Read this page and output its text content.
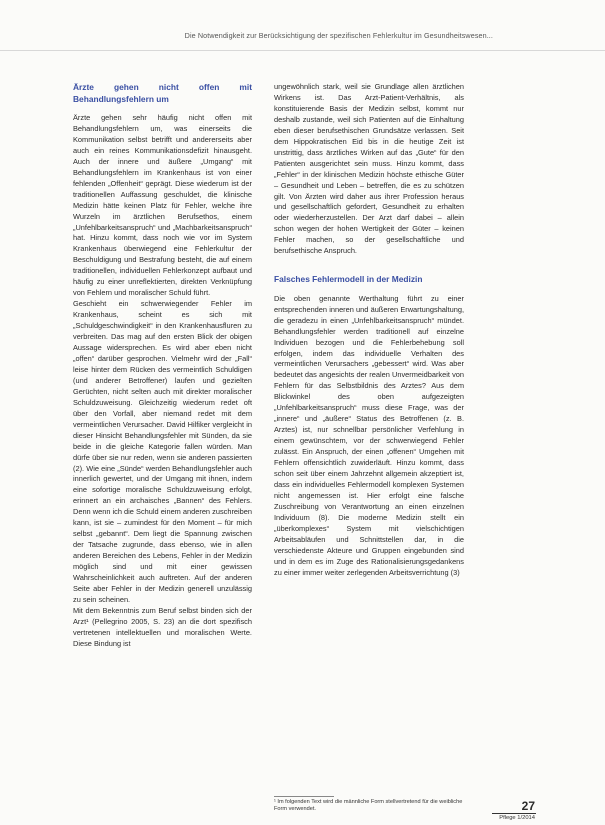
Die Notwendigkeit zur Berücksichtigung der spezifischen Fehlerkultur im Gesundheitswesen...
Ärzte gehen nicht offen mit Behandlungsfehlern um

Ärzte gehen sehr häufig nicht offen mit Behandlungsfehlern um, was einerseits die Kommunikation selbst betrifft und andererseits aber auch ein reines Kommunikationsdefizit hinausgeht. Auch der innere und äußere „Umgang“ mit Behandlungsfehlern im Krankenhaus ist von einer fehlenden „Offenheit“ geprägt. Diese wiederum ist der traditionellen Auffassung geschuldet, die klinische Medizin hätte keinen Platz für Fehler, welche ihre Wurzeln im ärztlichen Berufsethos, einem „Unfehlbarkeitsanspruch“ und „Machbarkeitsanspruch“ hat. Hinzu kommt, dass noch wie vor im System Krankenhaus überwiegend eine Fehlerkultur der Beschuldigung und Bestrafung besteht, die auf einem traditionellen, individuellen Fehlerkonzept aufbaut und häufig zu einer unreflektierten, direkten Verknüpfung von Fehlern und moralischer Schuld führt.

Geschieht ein schwerwiegender Fehler im Krankenhaus, scheint es sich mit „Schuldgeschwindigkeit“ in den Krankenhausfluren zu verbreiten. Das mag auf den ersten Blick der obigen Aussage widersprechen. Es wird aber eben nicht „offen“ darüber gesprochen. Vielmehr wird der „Fall“ leise hinter dem Rücken des vermeintlich Schuldigen (und anderer Betroffener) laufen und gezielten Gerüchten, nicht selten auch mit direkter moralischer Schuldzuweisung. Gleichzeitig wiederum redet oft über den Vorfall, aber niemand redet mit dem vermeintlichen Verursacher. David Hilfiker vergleicht in dieser Hinsicht Behandlungsfehler mit Sünden, da sie beide in die gleiche Kategorie fallen würden. Man dürfe über sie nur reden, wenn sie anderen passierten (2). Wie eine „Sünde“ werden Behandlungsfehler auch innerlich gewertet, und der Umgang mit ihnen, indem eine sofortige moralische Schuldzuweisung erfolgt, erinnert an ein archaisches „Bannen“ des Fehlers. Denn wenn ich die Schuld einem anderen zuschreiben kann, ist sie – zumindest für den Moment – für mich selbst „gebannt“. Dem liegt die Spannung zwischen der Tatsache zugrunde, dass ebenso, wie in allen anderen Bereichen des Lebens, Fehler in der Medizin möglich sind und mit einer gewissen Wahrscheinlichkeit auch auftreten. Auf der anderen Seite aber Fehler in der Medizin generell unzulässig zu sein scheinen.

Mit dem Bekenntnis zum Beruf selbst binden sich der Arzt¹ (Pellegrino 2005, S. 23) an die dort spezifisch vertretenen intellektuellen und moralischen Werte. Diese Bindung ist

ungewöhnlich stark, weil sie Grundlage allen ärztlichen Wirkens ist. Das Arzt-Patient-Verhältnis, als konstituierende Basis der Medizin selbst, kommt nur deshalb zustande, weil sich Patienten auf die Einhaltung eben dieser berufsethischen Grundsätze verlassen. Seit dem Hippokratischen Eid bis in die heutige Zeit ist unstrittig, dass ärztliches Wirken auf das „Gute“ für den Patienten ausgerichtet sein muss. Hinzu kommt, dass „Fehler“ in der klinischen Medizin höchste ethische Güter – Gesundheit und Leben – betreffen, die es zu schützen gilt. Von Ärzten wird daher aus ihrer Profession heraus und gesellschaftlich gefordert, Gesundheit zu erhalten oder wiederherzustellen. Der Arzt darf dabei – allein schon wegen der hohen Wertigkeit der Güter – keinen Fehler machen, so der gesellschaftliche und berufsethische Anspruch.

Falsches Fehlermodell in der Medizin

Die oben genannte Werthaltung führt zu einer entsprechenden inneren und äußeren Erwartungshaltung, die geradezu in einen „Unfehlbarkeitsanspruch“ mündet. Behandlungsfehler werden traditionell auf einzelne Individuen bezogen und die Fehlerbehebung soll erfolgen, indem das individuelle Verhalten des vermeintlichen Verursachers „gebessert“ wird. Was aber bedeutet das angesichts der realen Unvermeidbarkeit von Fehlern für das Selbstbildnis des Arztes? Aus dem Blickwinkel des oben aufgezeigten „Unfehlbarkeitsanspruch“ muss diese Frage, was der „innere“ und „äußere“ Status des Betroffenen (z. B. Arztes) ist, nur schnellbar persönlicher Verfehlung in einem gewünschtem, vor der schwerwiegend Fehler zulässt. Ein Anspruch, der einen „offenen“ Umgehen mit Fehlern offensichtlich zuwiderläuft. Hinzu kommt, dass schon seit über einem Jahrzehnt allgemein akzeptiert ist, dass ein individuelles Fehlermodell komplexen Systemen nicht angemessen ist. Hier erfolgt eine falsche Zuschreibung von Verantwortung an einen einzelnen Individuum (8). Die moderne Medizin stellt ein „überkomplexes“ System mit vielschichtigen Arbeitsabläufen und Schnittstellen dar, in die verschiedenste Akteure und Gruppen eingebunden sind und in dem es im Zuge des Rationalisierungsgedankens zu einer immer weiter zerlegenden Arbeitsverrichtung (3)

¹ Im folgenden Text wird die männliche Form stellvertretend für die weibliche Form verwendet.	27
Pflege 1/2014
